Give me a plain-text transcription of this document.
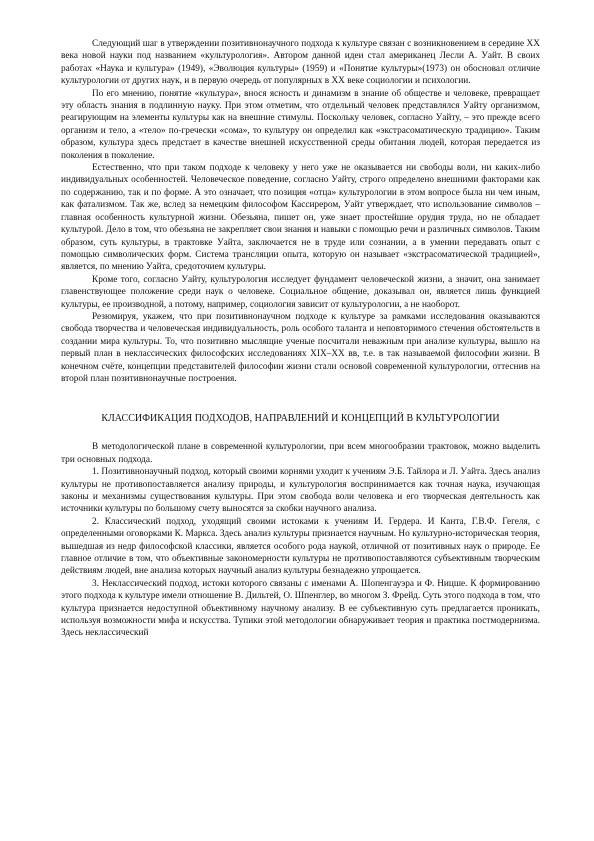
Следующий шаг в утверждении позитивнонаучного подхода к культуре связан с возникновением в середине XX века новой науки под названием «культурология». Автором данной идеи стал американец Лесли А. Уайт. В своих работах «Наука и культура» (1949), «Эволюция культуры» (1959) и «Понятие культуры»(1973) он обосновал отличие культурологии от других наук, и в первую очередь от популярных в XX веке социологии и психологии.

По его мнению, понятие «культура», внося ясность и динамизм в знание об обществе и человеке, превращает эту область знания в подлинную науку. При этом отметим, что отдельный человек представлялся Уайту организмом, реагирующим на элементы культуры как на внешние стимулы. Поскольку человек, согласно Уайту, – это прежде всего организм и тело, а «тело» по-гречески «сома», то культуру он определил как «экстрасоматическую традицию». Таким образом, культура здесь предстает в качестве внешней искусственной среды обитания людей, которая передается из поколения в поколение.

Естественно, что при таком подходе к человеку у него уже не оказывается ни свободы воли, ни каких-либо индивидуальных особенностей. Человеческое поведение, согласно Уайту, строго определено внешними факторами как по содержанию, так и по форме. А это означает, что позиция «отца» культурологии в этом вопросе была ни чем иным, как фатализмом. Так же, вслед за немецким философом Кассирером, Уайт утверждает, что использование символов – главная особенность культурной жизни. Обезьяна, пишет он, уже знает простейшие орудия труда, но не обладает культурой. Дело в том, что обезьяна не закрепляет свои знания и навыки с помощью речи и различных символов. Таким образом, суть культуры, в трактовке Уайта, заключается не в труде или сознании, а в умении передавать опыт с помощью символических форм. Система трансляции опыта, которую он называет «экстрасоматической традицией», является, по мнению Уайта, средоточием культуры.

Кроме того, согласно Уайту, культурология исследует фундамент человеческой жизни, а значит, она занимает главенствующее положение среди наук о человеке. Социальное общение, доказывал он, является лишь функцией культуры, ее производной, а потому, например, социология зависит от культурологии, а не наоборот.

Резюмируя, укажем, что при позитивнонаучном подходе к культуре за рамками исследования оказываются свобода творчества и человеческая индивидуальность, роль особого таланта и неповторимого стечения обстоятельств в создании мира культуры. То, что позитивно мыслящие ученые посчитали неважным при анализе культуры, вышло на первый план в неклассических философских исследованиях XIX–XX вв, т.е. в так называемой философии жизни. В конечном счёте, концепции представителей философии жизни стали основой современной культурологии, оттеснив на второй план позитивнонаучные построения.

КЛАССИФИКАЦИЯ ПОДХОДОВ, НАПРАВЛЕНИЙ И КОНЦЕПЦИЙ В КУЛЬТУРОЛОГИИ

В методологической плане в современной культурологии, при всем многообразии трактовок, можно выделить три основных подхода.

1. Позитивнонаучный подход, который своими корнями уходит к учениям Э.Б. Тайлора и Л. Уайта. Здесь анализ культуры не противопоставляется анализу природы, и культурология воспринимается как точная наука, изучающая законы и механизмы существования культуры. При этом свобода воли человека и его творческая деятельность как источники культуры по большому счету выносятся за скобки научного анализа.

2. Классический подход, уходящий своими истоками к учениям И. Гердера. И Канта, Г.В.Ф. Гегеля, с определенными оговорками К. Маркса. Здесь анализ культуры признается научным. Но культурно-историческая теория, вышедшая из недр философской классики, является особого рода наукой, отличной от позитивных наук о природе. Ее главное отличие в том, что объективные закономерности культуры не противопоставляются субъективным творческим действиям людей, вне анализа которых научный анализ культуры безнадежно упрощается.

3. Неклассический подход, истоки которого связаны с именами А. Шопенгауэра и Ф. Ницше. К формированию этого подхода к культуре имели отношение В. Дильтей, О. Шпенглер, во многом З. Фрейд. Суть этого подхода в том, что культура признается недоступной объективному научному анализу. В ее субъективную суть предлагается проникать, используя возможности мифа и искусства. Тупики этой методологии обнаруживает теория и практика постмодернизма. Здесь неклассический
